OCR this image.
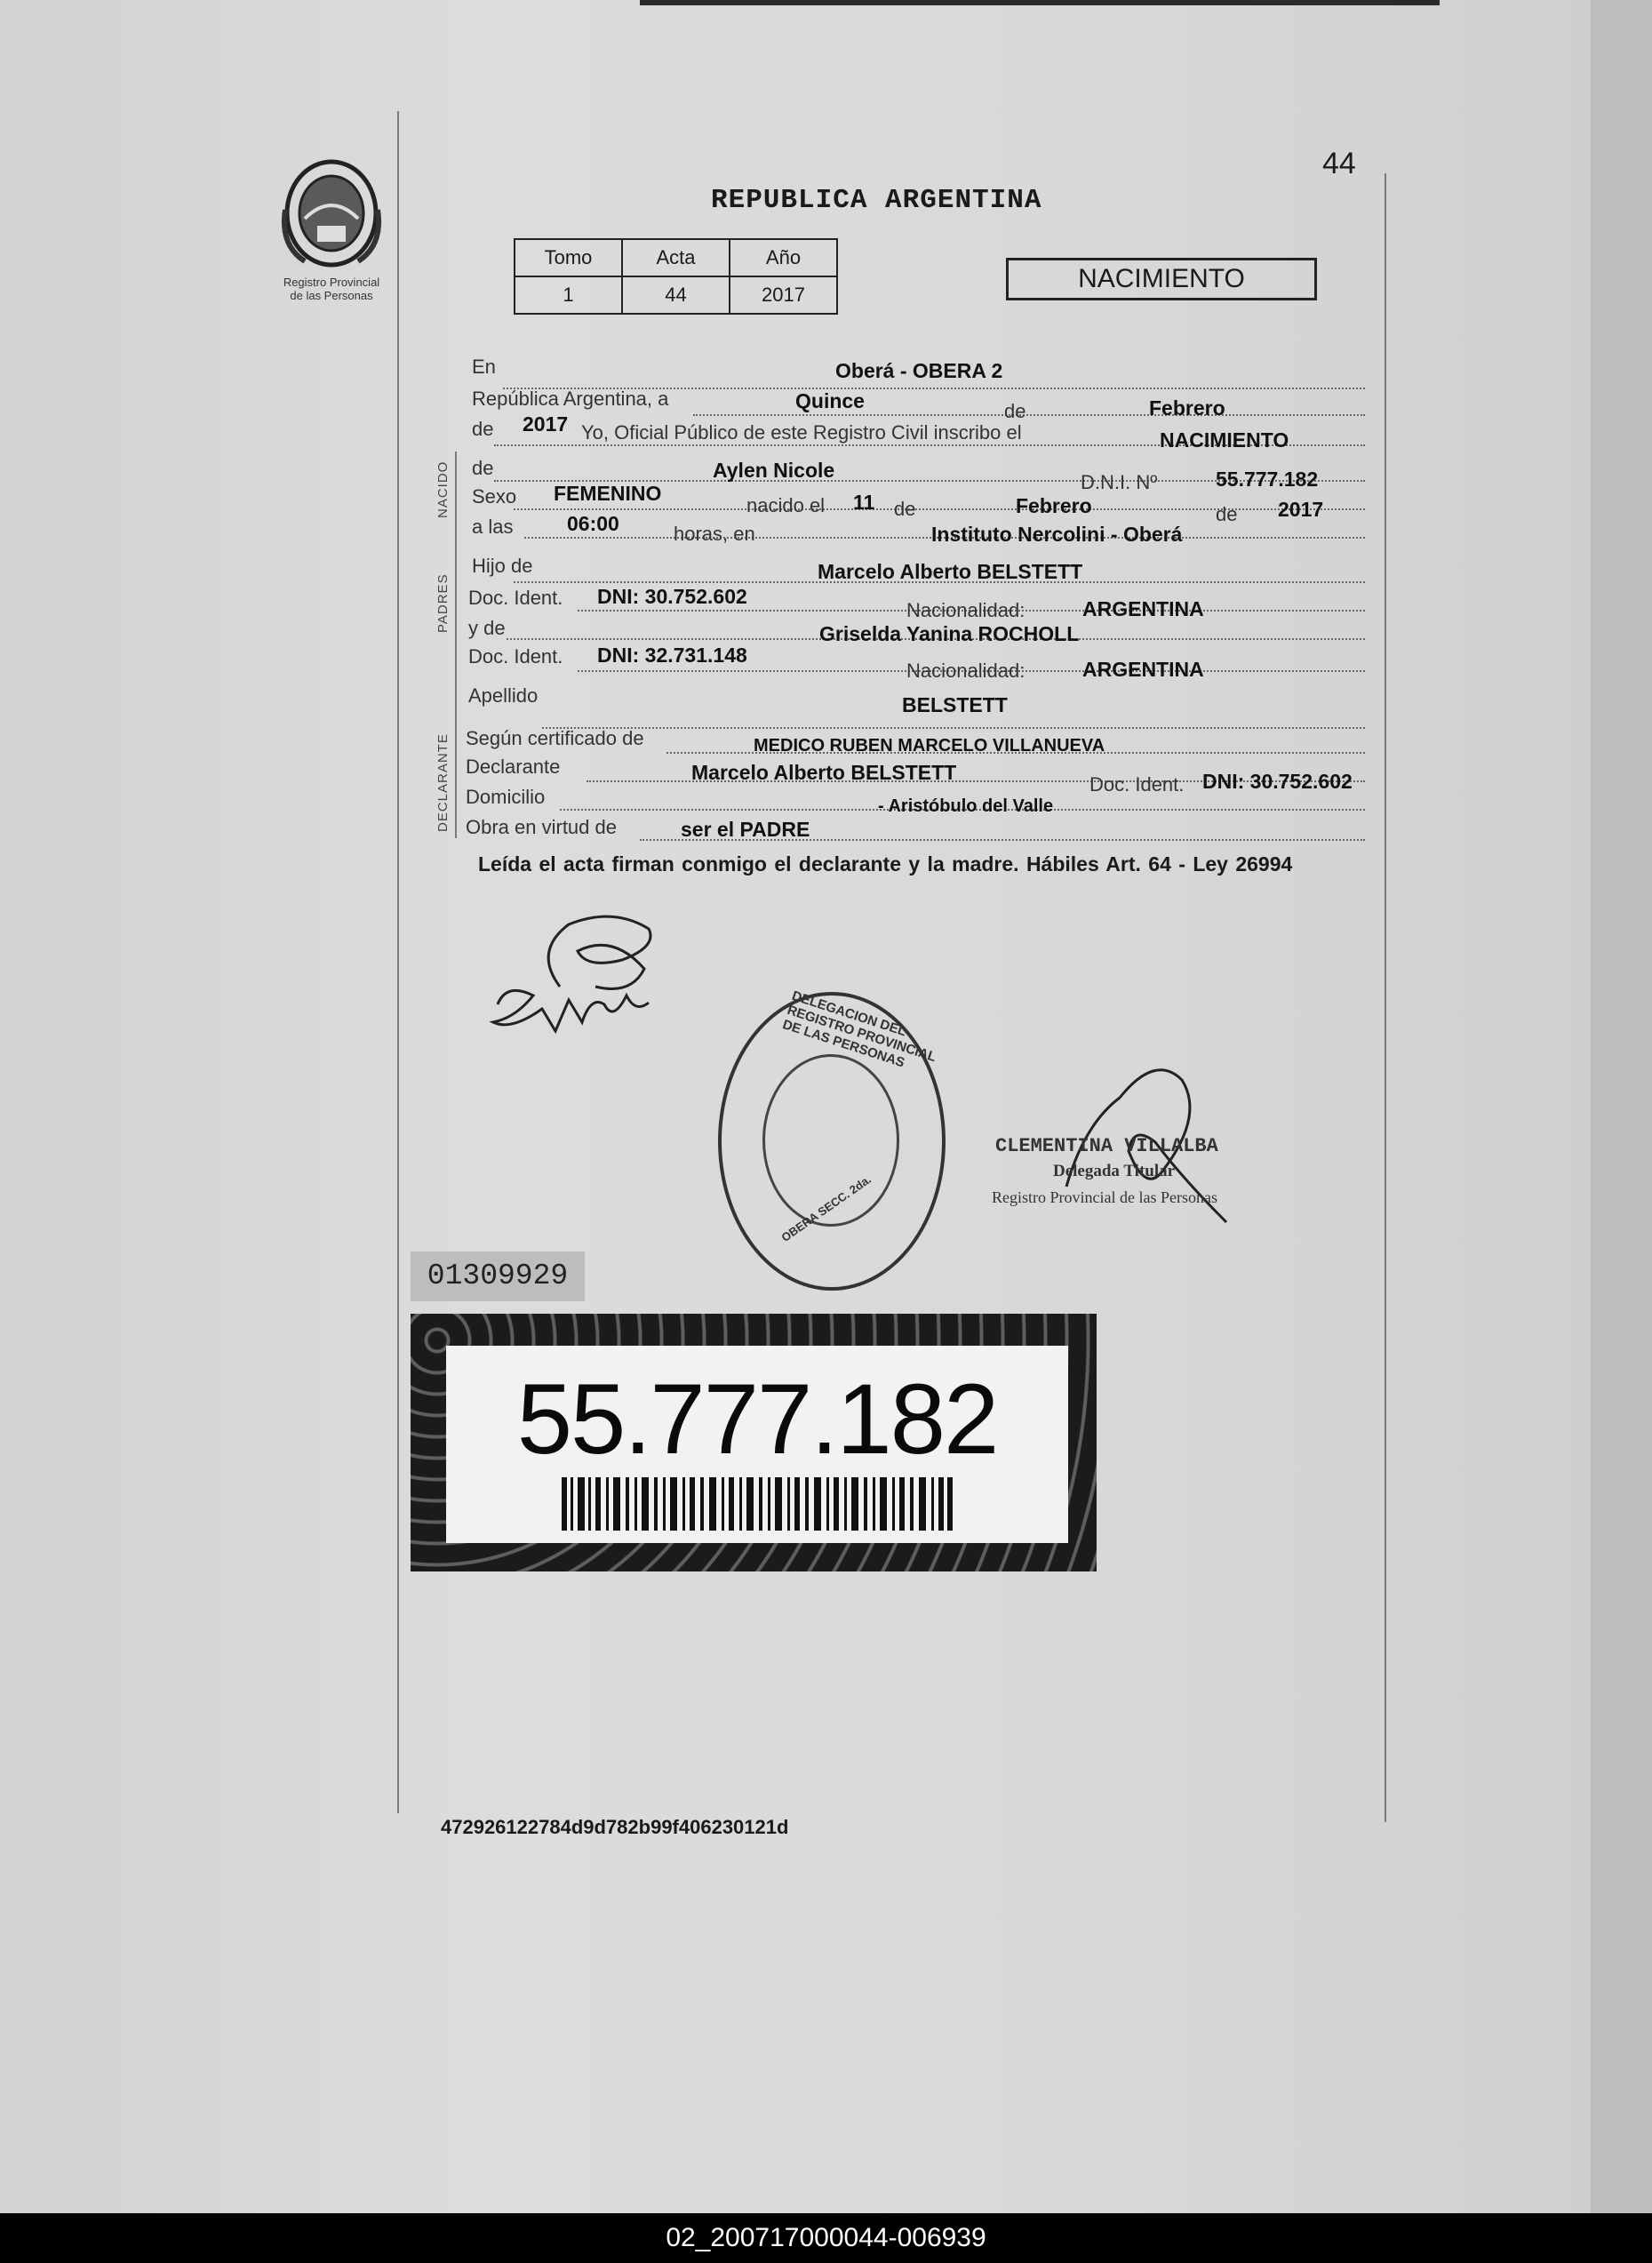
44
Registro Provincial
de las Personas
REPUBLICA ARGENTINA
Tomo	Acta	Año
1	44	2017
NACIMIENTO
NACIDO
PADRES
DECLARANTE
En	Oberá - OBERA 2
República Argentina, a	Quince	de	Febrero
de 2017 Yo, Oficial Público de este Registro Civil inscribo el	NACIMIENTO
de	Aylen Nicole
D.N.I. Nº	55.777.182
Sexo FEMENINO
nacido el 11 de	Febrero	de 2017
a las	06:00	horas, en	Instituto Nercolini - Oberá
Hijo de	Marcelo Alberto BELSTETT
Doc. Ident. DNI: 30.752.602
Nacionalidad:	ARGENTINA
y de	Griselda Yanina ROCHOLL
Doc. Ident. DNI: 32.731.148
Nacionalidad:	ARGENTINA
Apellido	BELSTETT
Según certificado de	MEDICO RUBEN MARCELO VILLANUEVA
Declarante	Marcelo Alberto BELSTETT
Doc. Ident. DNI: 30.752.602
Domicilio	- Aristóbulo del Valle
Obra en virtud de	ser el PADRE
Leída el acta firman conmigo el declarante y la madre. Hábiles Art. 64 - Ley 26994
DELEGACION DEL REGISTRO PROVINCIAL DE LAS PERSONAS
OBERA SECC. 2da.
CLEMENTINA VILLALBA
Delegada Titular
Registro Provincial de las Personas
01309929
55.777.182
472926122784d9d782b99f406230121d
02_200717000044-006939
